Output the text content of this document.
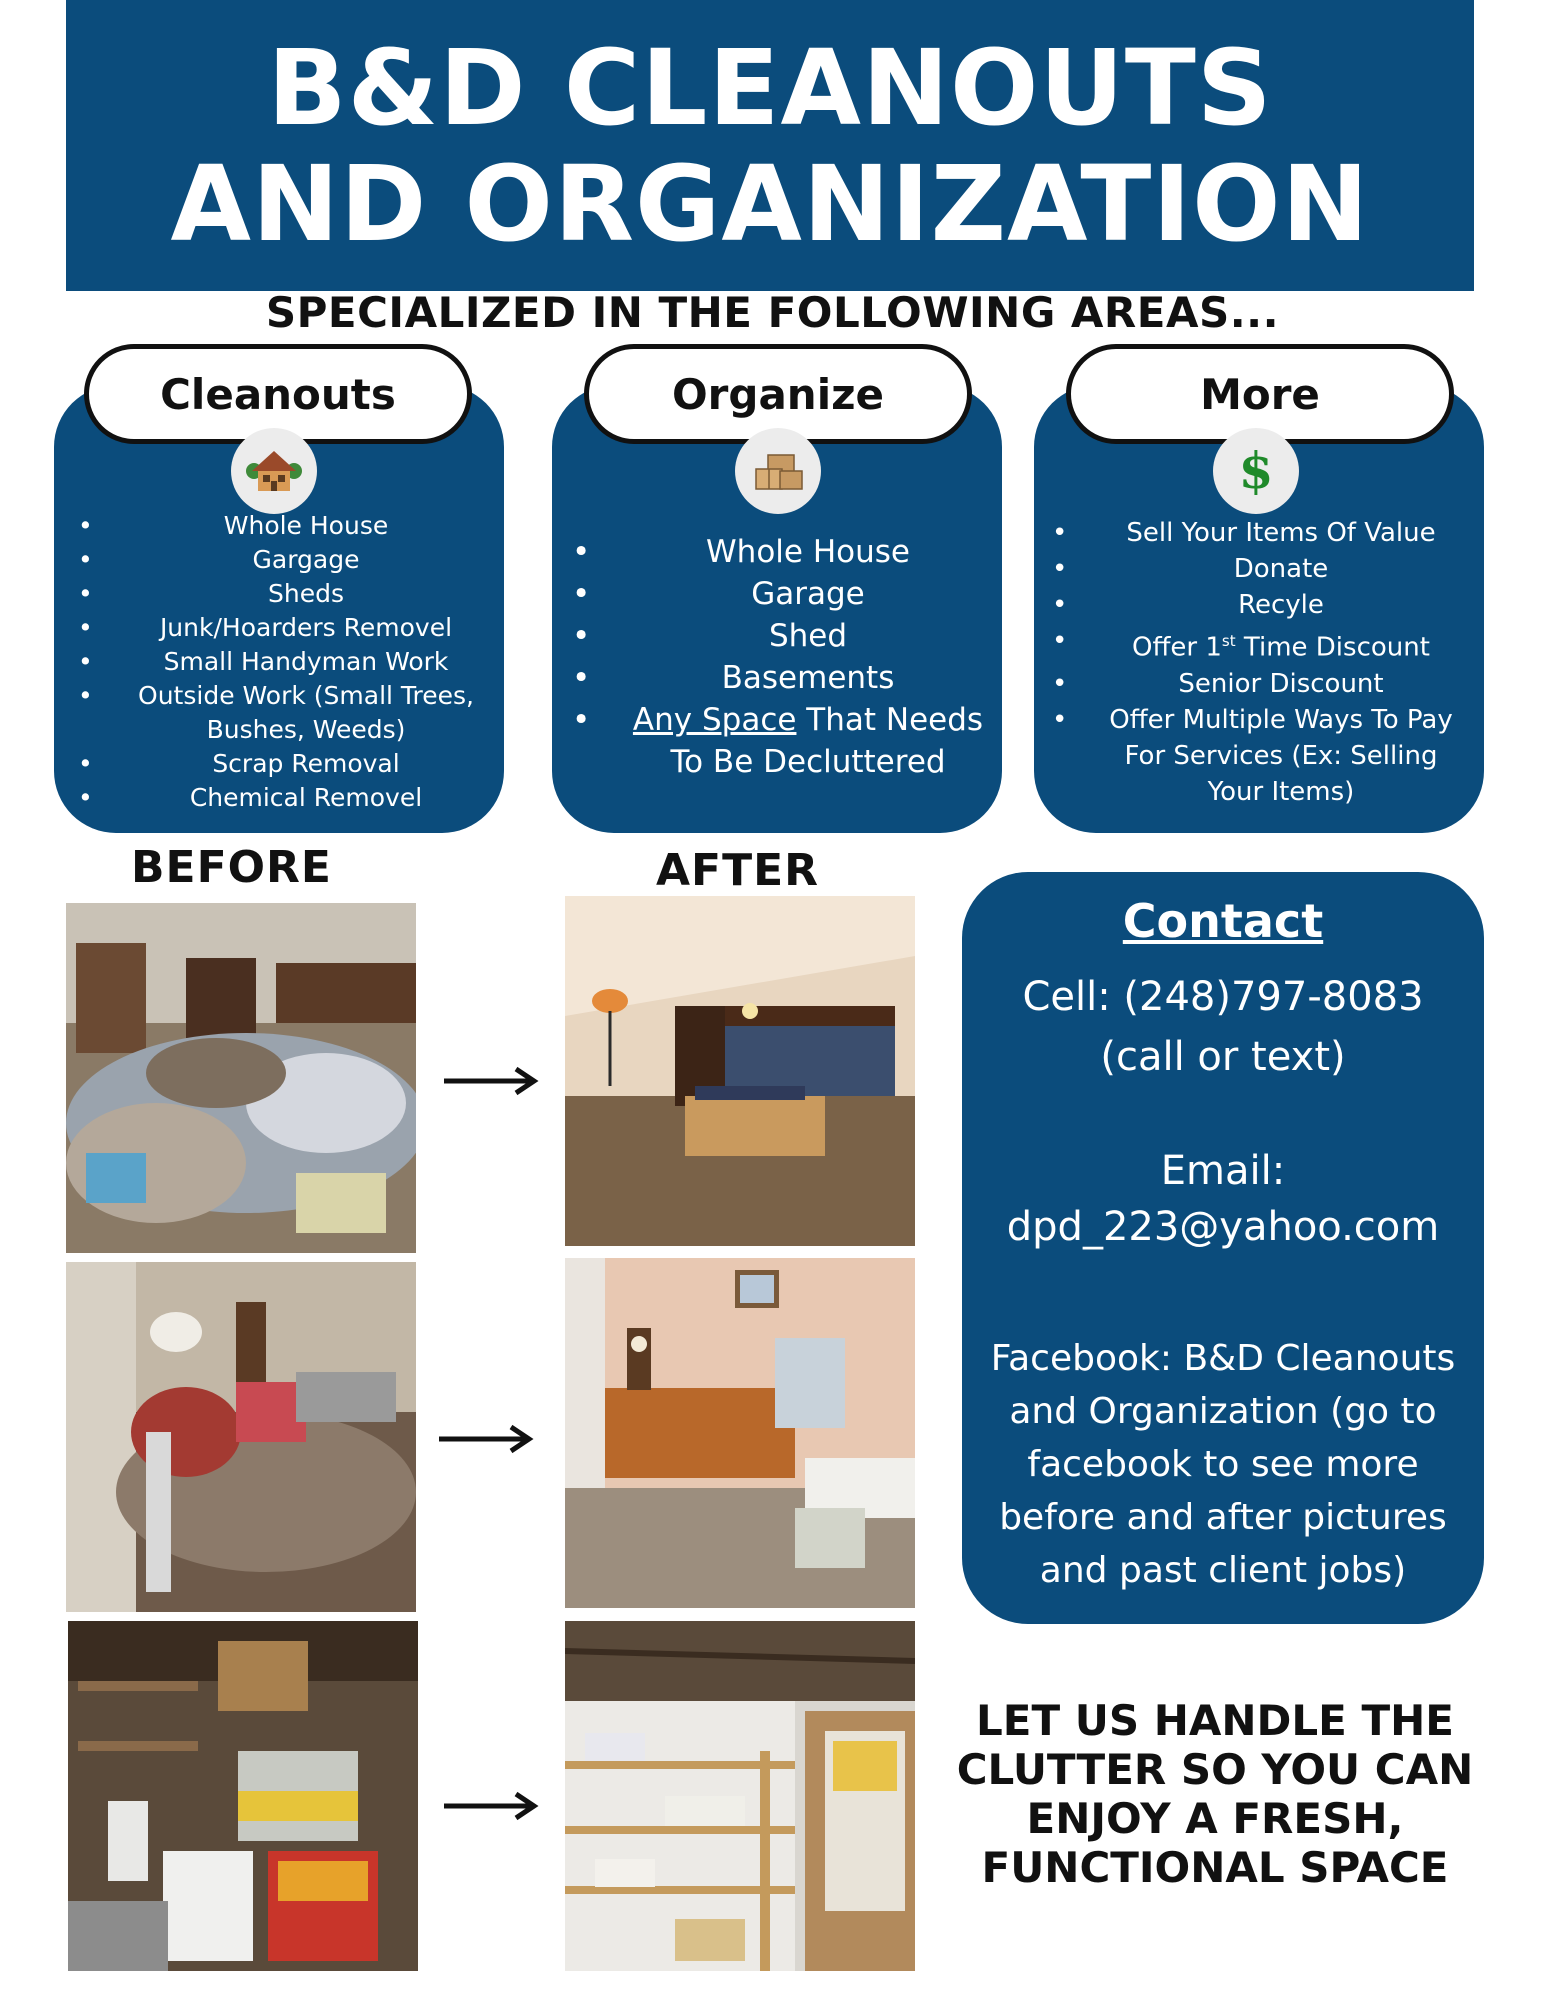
B&D CLEANOUTS
AND ORGANIZATION
SPECIALIZED IN THE FOLLOWING AREAS...
Cleanouts
• Whole House
• Gargage
• Sheds
• Junk/Hoarders Removel
• Small Handyman Work
• Outside Work (Small Trees, Bushes, Weeds)
• Scrap Removal
• Chemical Removel
Organize
• Whole House
• Garage
• Shed
• Basements
• Any Space That Needs To Be Decluttered
More
$
• Sell Your Items Of Value
• Donate
• Recyle
• Offer 1st Time Discount
• Senior Discount
• Offer Multiple Ways To Pay For Services (Ex: Selling Your Items)
BEFORE	AFTER
Contact
Cell: (248)797-8083
(call or text)
Email:
dpd_223@yahoo.com
Facebook: B&D Cleanouts and Organization (go to facebook to see more before and after pictures and past client jobs)
LET US HANDLE THE CLUTTER SO YOU CAN ENJOY A FRESH, FUNCTIONAL SPACE
